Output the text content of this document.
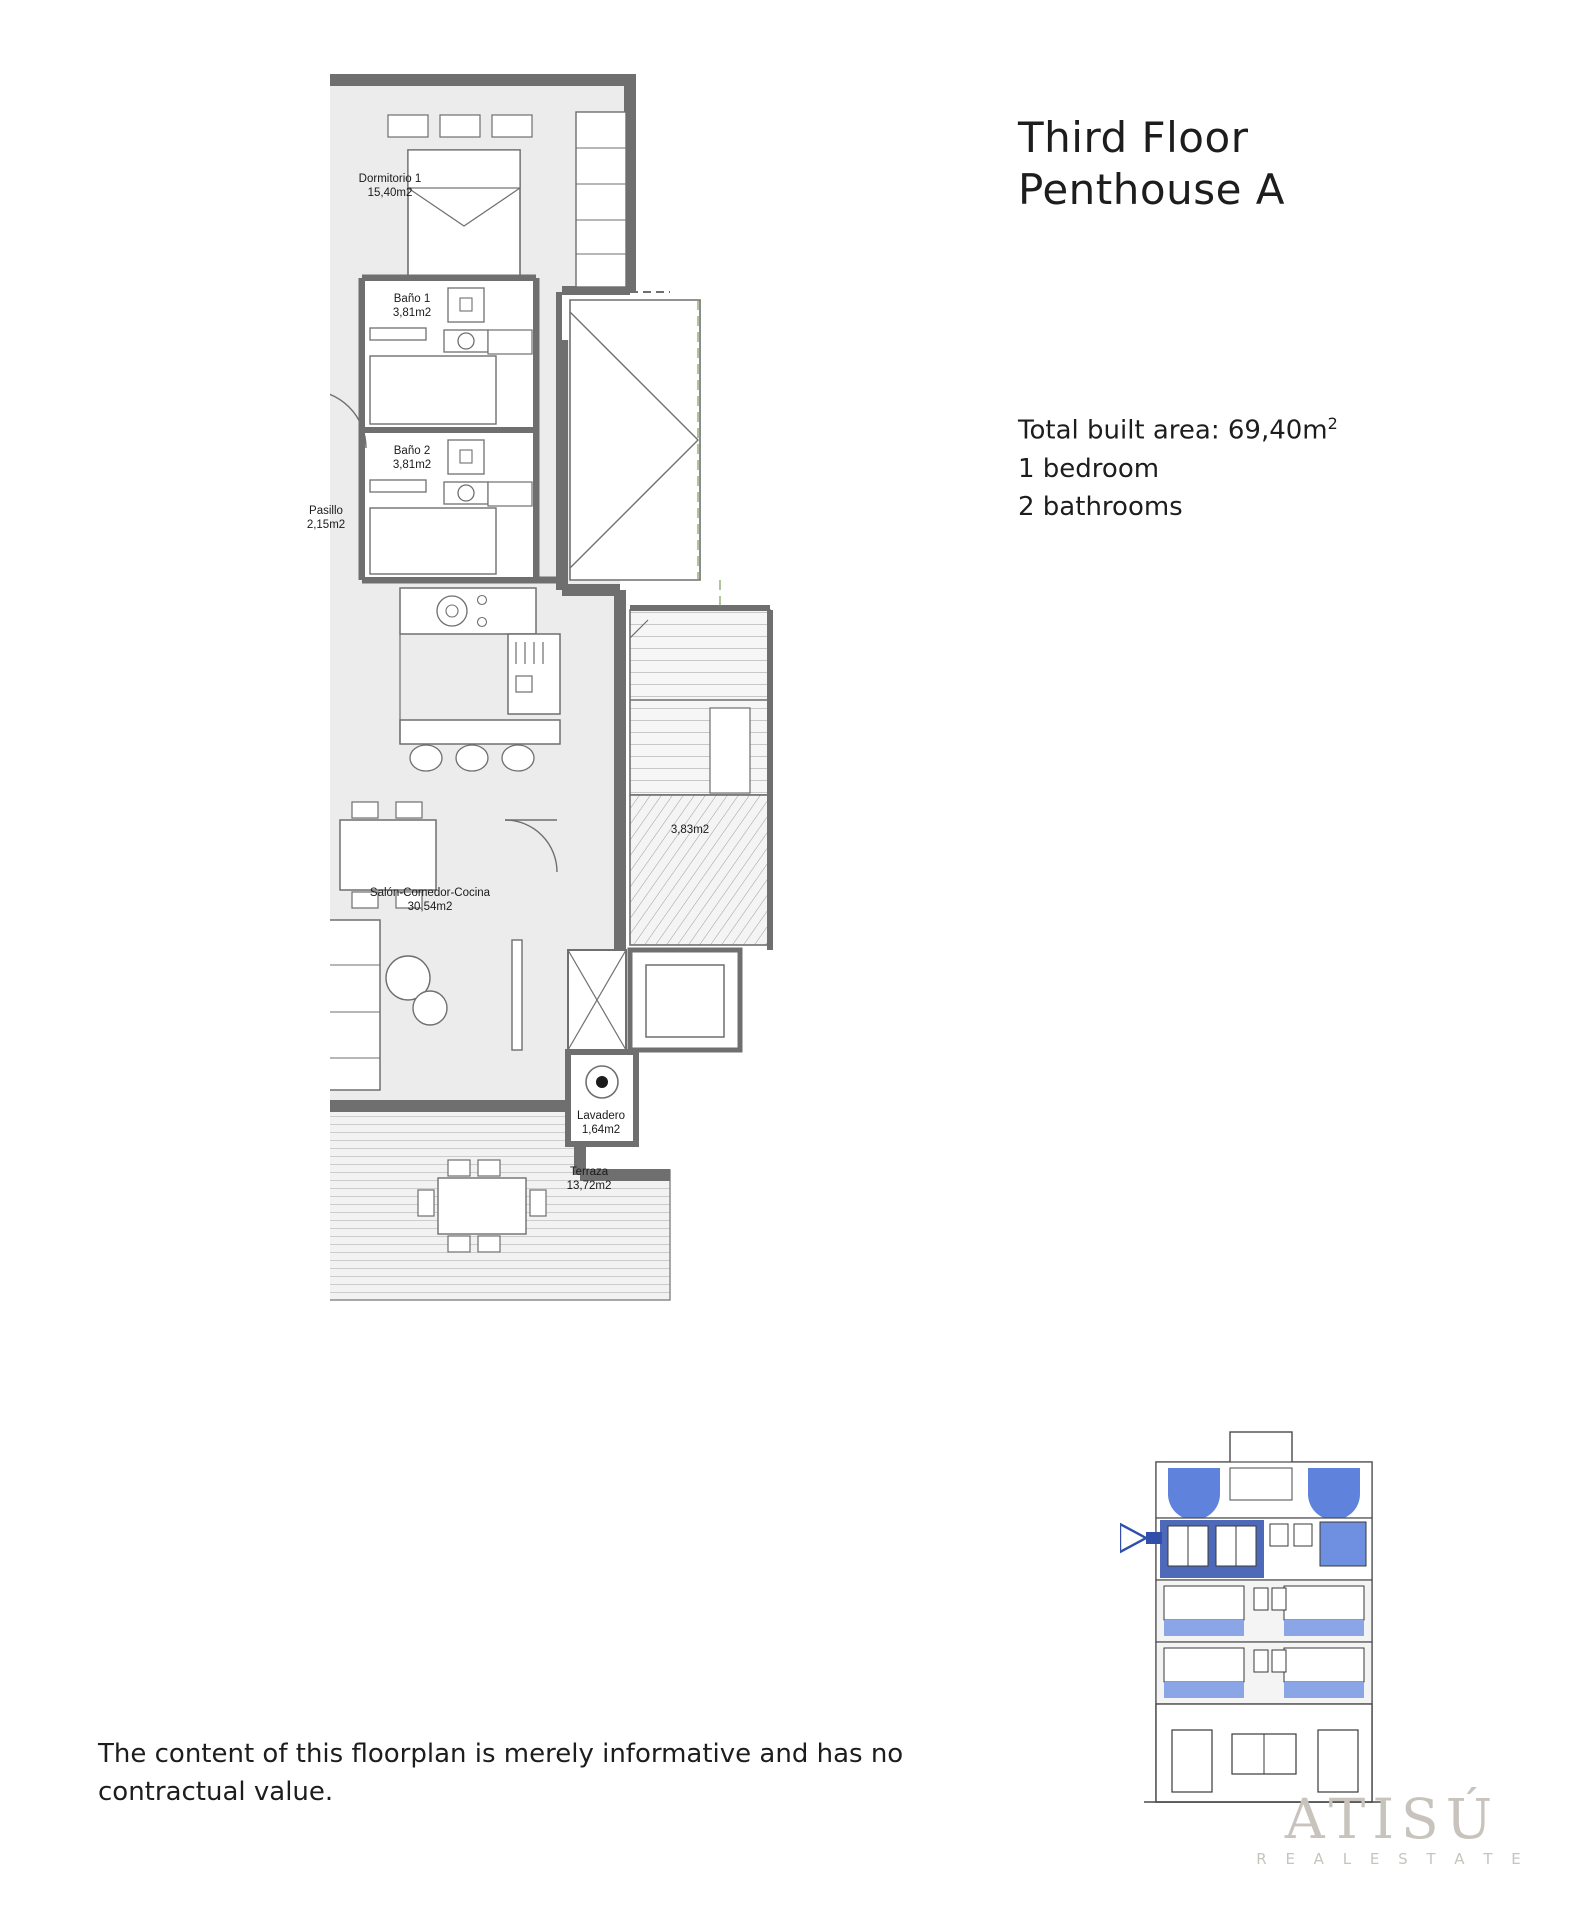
Third Floor
Penthouse A
Total built area: $69,40m^2$
1 bedroom
2 bathrooms
The content of this floorplan is merely informative and has no contractual value.
Dormitorio 1
15,40m2
Baño 1
3,81m2
Baño 2
3,81m2
Pasillo
2,15m2
3,83m2
Salón-Comedor-Cocina
30,54m2
Lavadero
1,64m2
Terraza
13,72m2
ATISÚ
R E A L E S T A T E
